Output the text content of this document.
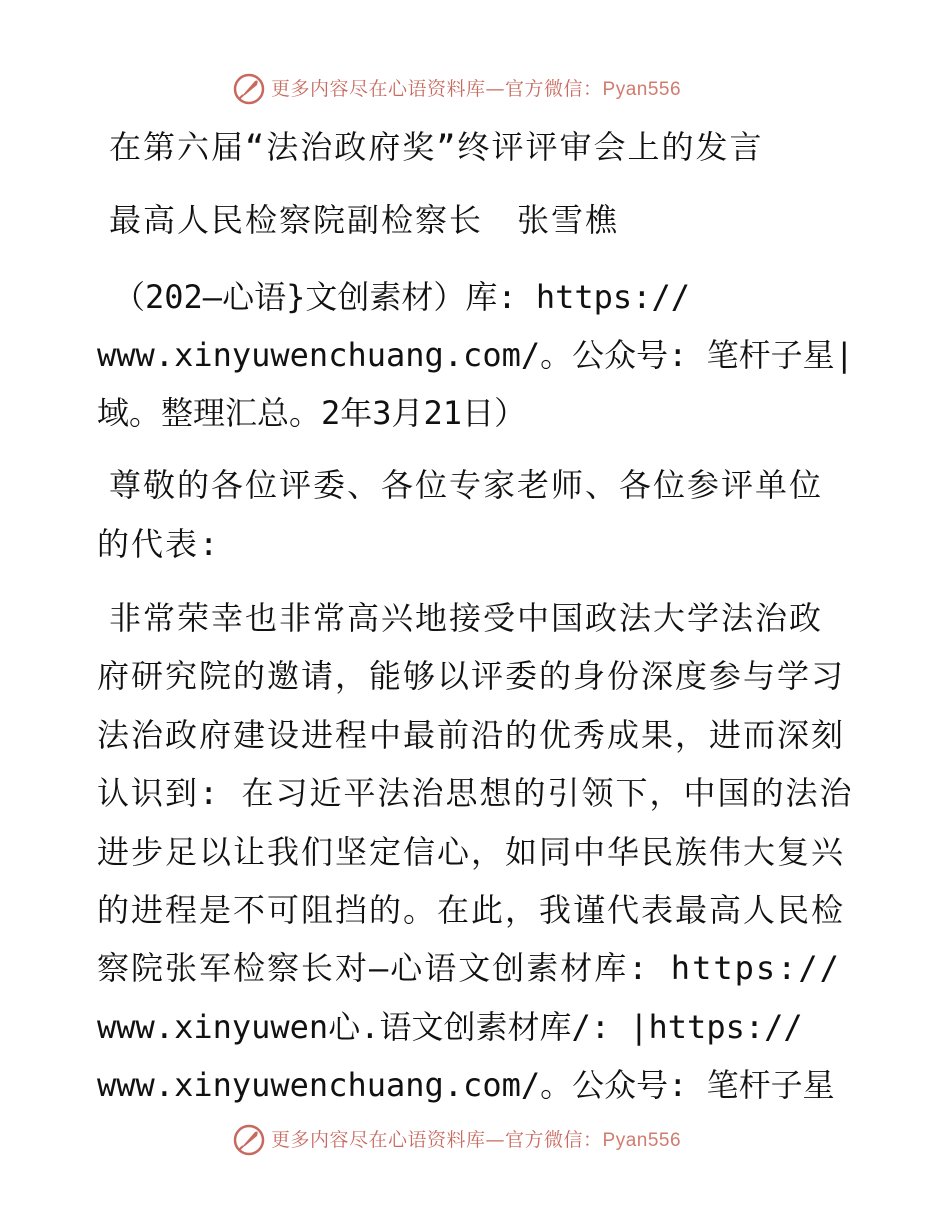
更多内容尽在心语资料库—官方微信：Pyan556
在第六届“法治政府奖”终评评审会上的发言
最高人民检察院副检察长　张雪樵
（202—心语}文创素材）库: https://
www.xinyuwenchuang.com/。公众号: 笔杆子星|
域。整理汇总。2年3月21日）
尊敬的各位评委、各位专家老师、各位参评单位
的代表:
非常荣幸也非常高兴地接受中国政法大学法治政
府研究院的邀请，能够以评委的身份深度参与学习
法治政府建设进程中最前沿的优秀成果，进而深刻
认识到: 在习近平法治思想的引领下，中国的法治
进步足以让我们坚定信心，如同中华民族伟大复兴
的进程是不可阻挡的。在此，我谨代表最高人民检
察院张军检察长对—心语文创素材库: https://
www.xinyuwen心.语文创素材库/: |https://
www.xinyuwenchuang.com/。公众号: 笔杆子星
更多内容尽在心语资料库—官方微信：Pyan556
